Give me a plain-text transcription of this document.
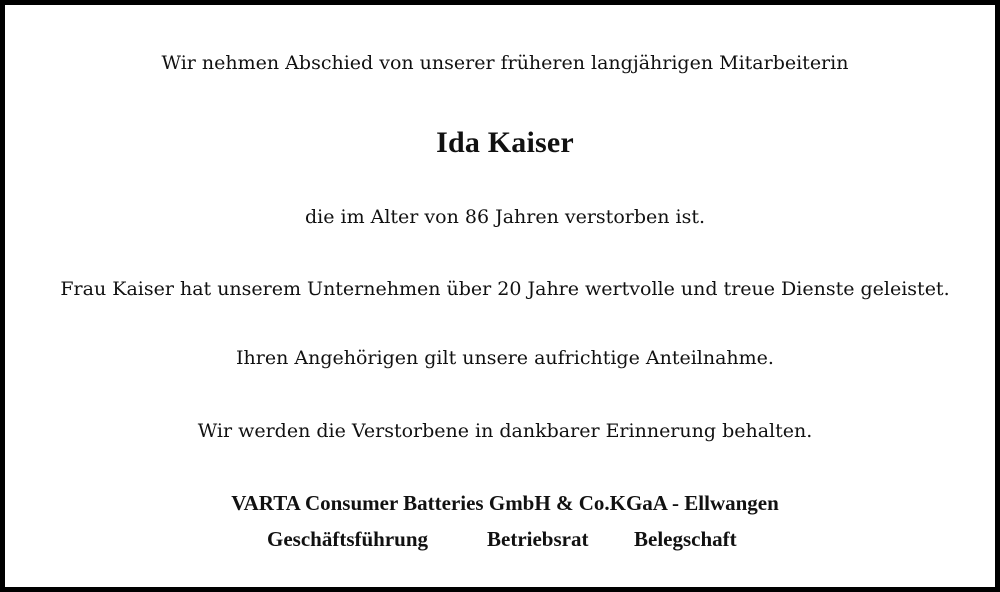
Wir nehmen Abschied von unserer früheren langjährigen Mitarbeiterin
Ida Kaiser
die im Alter von 86 Jahren verstorben ist.
Frau Kaiser hat unserem Unternehmen über 20 Jahre wertvolle und treue Dienste geleistet.
Ihren Angehörigen gilt unsere aufrichtige Anteilnahme.
Wir werden die Verstorbene in dankbarer Erinnerung behalten.
VARTA Consumer Batteries GmbH & Co.KGaA - Ellwangen
Geschäftsführung	Betriebsrat Belegschaft
